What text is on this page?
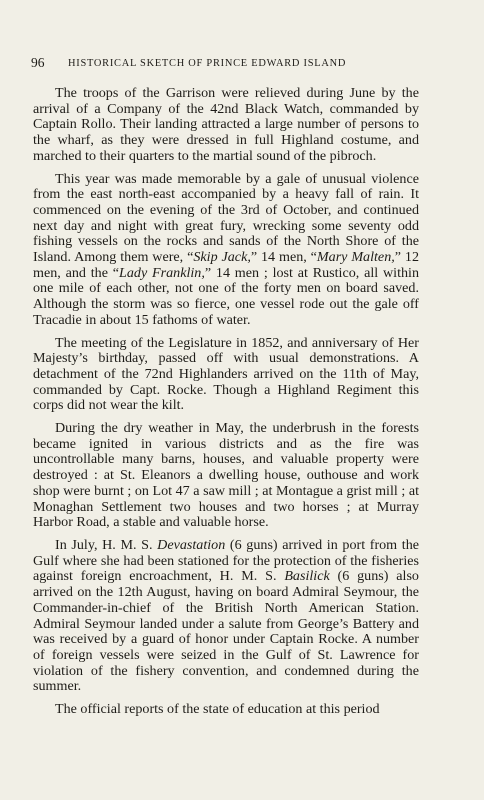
96 HISTORICAL SKETCH OF PRINCE EDWARD ISLAND

The troops of the Garrison were relieved during June by the arrival of a Company of the 42nd Black Watch, commanded by Captain Rollo. Their landing attracted a large number of persons to the wharf, as they were dressed in full Highland costume, and marched to their quarters to the martial sound of the pibroch.

This year was made memorable by a gale of unusual violence from the east north-east accompanied by a heavy fall of rain. It commenced on the evening of the 3rd of October, and continued next day and night with great fury, wrecking some seventy odd fishing vessels on the rocks and sands of the North Shore of the Island. Among them were, “Skip Jack,” 14 men, “Mary Malten,” 12 men, and the “Lady Franklin,” 14 men ; lost at Rustico, all within one mile of each other, not one of the forty men on board saved. Although the storm was so fierce, one vessel rode out the gale off Tracadie in about 15 fathoms of water.

The meeting of the Legislature in 1852, and anniversary of Her Majesty’s birthday, passed off with usual demonstrations. A detachment of the 72nd Highlanders arrived on the 11th of May, commanded by Capt. Rocke. Though a Highland Regiment this corps did not wear the kilt.

During the dry weather in May, the underbrush in the forests became ignited in various districts and as the fire was uncontrollable many barns, houses, and valuable property were destroyed : at St. Eleanors a dwelling house, outhouse and work shop were burnt ; on Lot 47 a saw mill ; at Montague a grist mill ; at Monaghan Settlement two houses and two horses ; at Murray Harbor Road, a stable and valuable horse.

In July, H. M. S. Devastation (6 guns) arrived in port from the Gulf where she had been stationed for the protection of the fisheries against foreign encroachment, H. M. S. Basilick (6 guns) also arrived on the 12th August, having on board Admiral Seymour, the Commander-in-chief of the British North American Station. Admiral Seymour landed under a salute from George’s Battery and was received by a guard of honor under Captain Rocke. A number of foreign vessels were seized in the Gulf of St. Lawrence for violation of the fishery convention, and condemned during the summer.

The official reports of the state of education at this period
